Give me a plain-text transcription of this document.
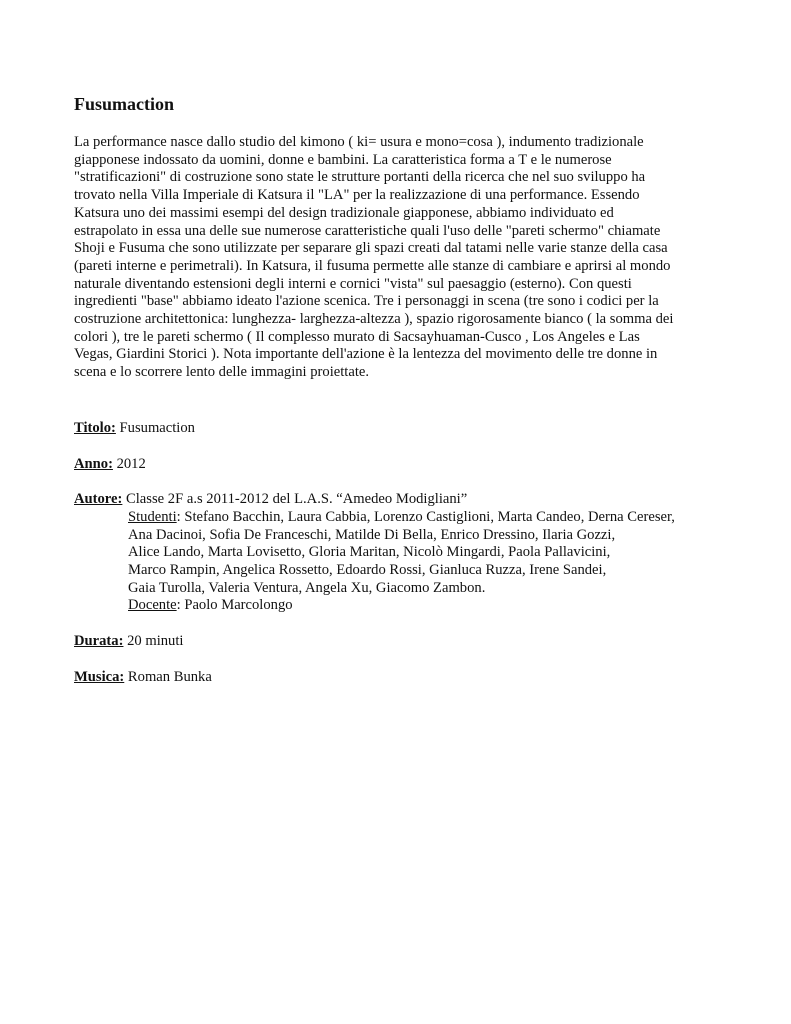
Fusumaction
La performance nasce dallo studio del kimono ( ki= usura e mono=cosa ), indumento tradizionale
giapponese indossato da uomini, donne e bambini. La caratteristica forma a T e le numerose
"stratificazioni" di costruzione sono state le strutture portanti della ricerca che nel suo sviluppo ha
trovato nella Villa Imperiale di Katsura il "LA" per la realizzazione di una performance. Essendo
Katsura uno dei massimi esempi del design tradizionale giapponese, abbiamo individuato ed
estrapolato in essa una delle sue numerose caratteristiche quali l'uso delle "pareti schermo" chiamate
Shoji e Fusuma che sono utilizzate per separare gli spazi creati dal tatami nelle varie stanze della casa
(pareti interne e perimetrali). In Katsura, il fusuma permette alle stanze di cambiare e aprirsi al mondo
naturale diventando estensioni degli interni e cornici "vista" sul paesaggio (esterno). Con questi
ingredienti "base" abbiamo ideato l'azione scenica. Tre i personaggi in scena (tre sono i codici per la
costruzione architettonica: lunghezza- larghezza-altezza ), spazio rigorosamente bianco ( la somma dei
colori ), tre le pareti schermo ( Il complesso murato di Sacsayhuaman-Cusco , Los Angeles e Las
Vegas, Giardini Storici ). Nota importante dell'azione è la lentezza del movimento delle tre donne in
scena e lo scorrere lento delle immagini proiettate.

Titolo: Fusumaction

Anno: 2012

Autore: Classe 2F a.s 2011-2012 del L.A.S. “Amedeo Modigliani”
Studenti: Stefano Bacchin, Laura Cabbia, Lorenzo Castiglioni, Marta Candeo, Derna Cereser,
Ana Dacinoi, Sofia De Franceschi, Matilde Di Bella, Enrico Dressino, Ilaria Gozzi,
Alice Lando, Marta Lovisetto, Gloria Maritan, Nicolò Mingardi, Paola Pallavicini,
Marco Rampin, Angelica Rossetto, Edoardo Rossi, Gianluca Ruzza, Irene Sandei,
Gaia Turolla, Valeria Ventura, Angela Xu, Giacomo Zambon.
Docente: Paolo Marcolongo

Durata: 20 minuti

Musica: Roman Bunka
